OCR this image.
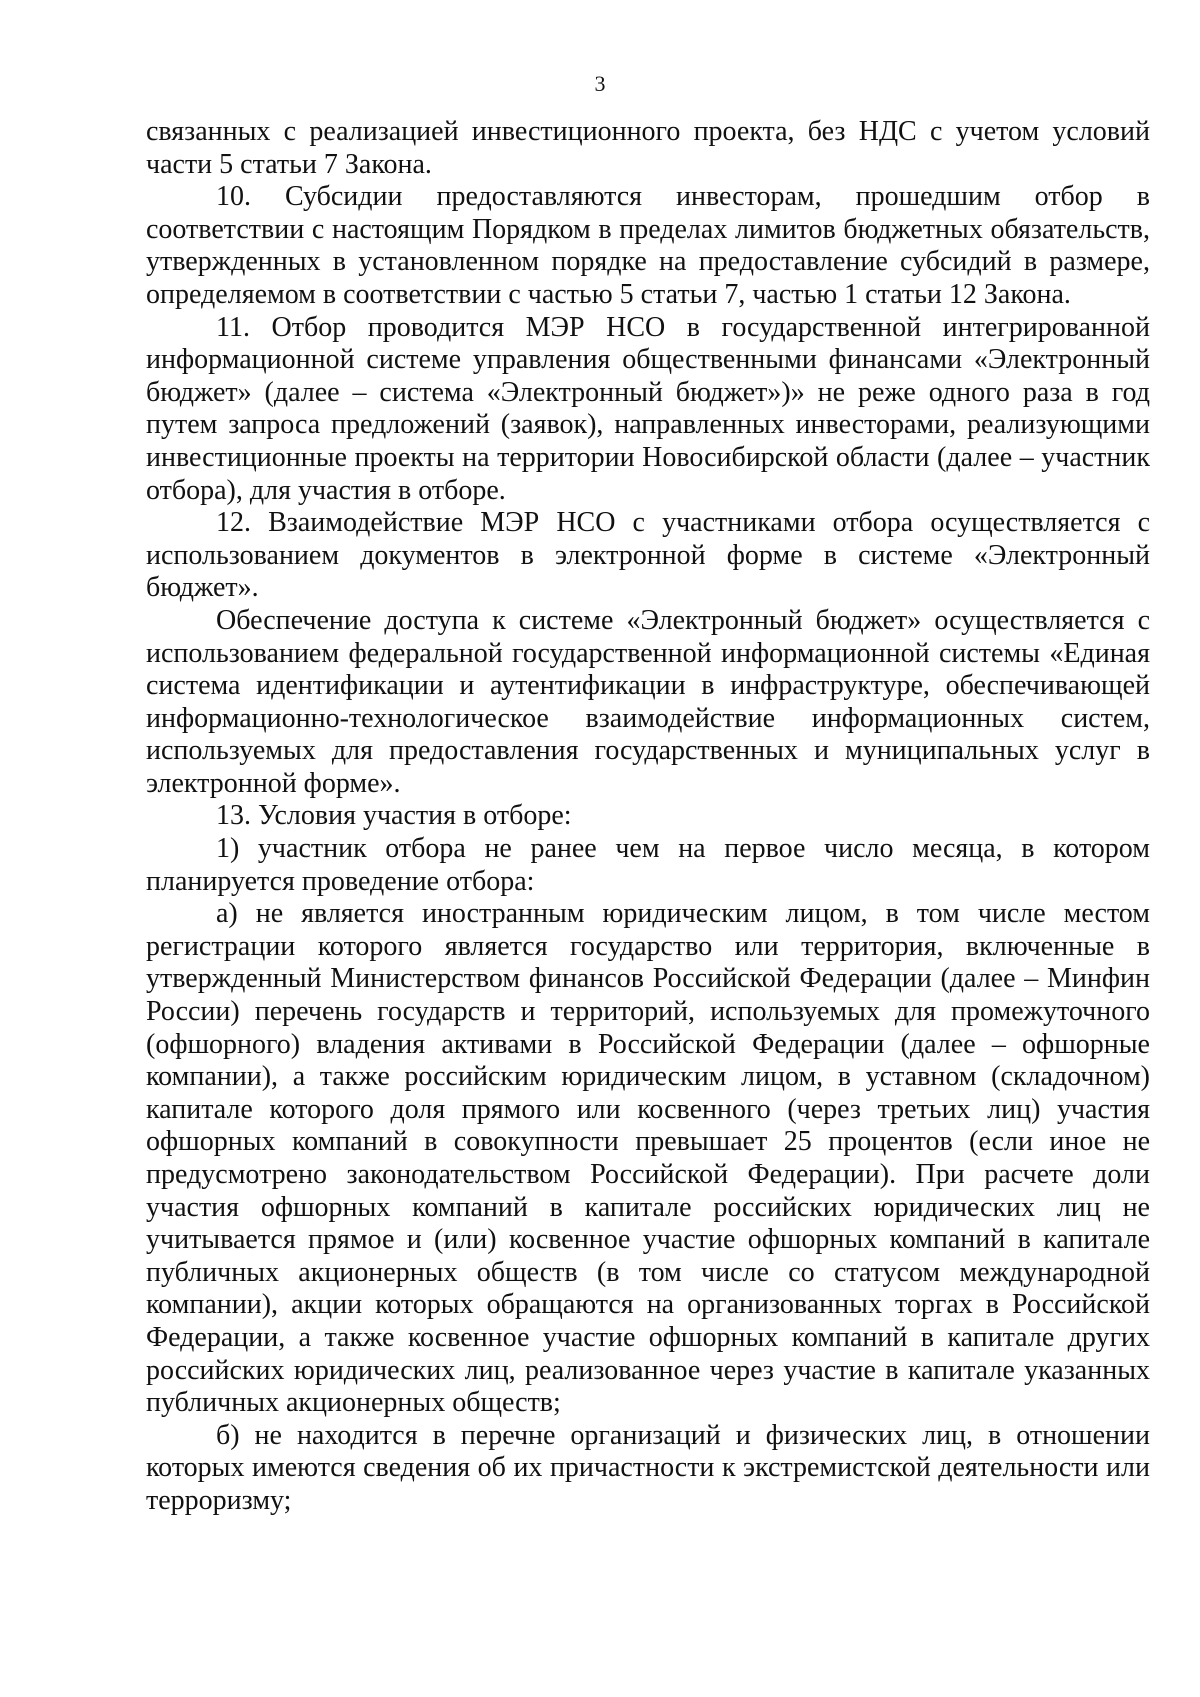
3

связанных с реализацией инвестиционного проекта, без НДС с учетом условий части 5 статьи 7 Закона.

10. Субсидии предоставляются инвесторам, прошедшим отбор в соответствии с настоящим Порядком в пределах лимитов бюджетных обязательств, утвержденных в установленном порядке на предоставление субсидий в размере, определяемом в соответствии с частью 5 статьи 7, частью 1 статьи 12 Закона.

11. Отбор проводится МЭР НСО в государственной интегрированной информационной системе управления общественными финансами «Электронный бюджет» (далее – система «Электронный бюджет»)» не реже одного раза в год путем запроса предложений (заявок), направленных инвесторами, реализующими инвестиционные проекты на территории Новосибирской области (далее – участник отбора), для участия в отборе.

12. Взаимодействие МЭР НСО с участниками отбора осуществляется с использованием документов в электронной форме в системе «Электронный бюджет».

Обеспечение доступа к системе «Электронный бюджет» осуществляется с использованием федеральной государственной информационной системы «Единая система идентификации и аутентификации в инфраструктуре, обеспечивающей информационно-технологическое взаимодействие информационных систем, используемых для предоставления государственных и муниципальных услуг в электронной форме».

13. Условия участия в отборе:

1) участник отбора не ранее чем на первое число месяца, в котором планируется проведение отбора:

а) не является иностранным юридическим лицом, в том числе местом регистрации которого является государство или территория, включенные в утвержденный Министерством финансов Российской Федерации (далее – Минфин России) перечень государств и территорий, используемых для промежуточного (офшорного) владения активами в Российской Федерации (далее – офшорные компании), а также российским юридическим лицом, в уставном (складочном) капитале которого доля прямого или косвенного (через третьих лиц) участия офшорных компаний в совокупности превышает 25 процентов (если иное не предусмотрено законодательством Российской Федерации). При расчете доли участия офшорных компаний в капитале российских юридических лиц не учитывается прямое и (или) косвенное участие офшорных компаний в капитале публичных акционерных обществ (в том числе со статусом международной компании), акции которых обращаются на организованных торгах в Российской Федерации, а также косвенное участие офшорных компаний в капитале других российских юридических лиц, реализованное через участие в капитале указанных публичных акционерных обществ;

б) не находится в перечне организаций и физических лиц, в отношении которых имеются сведения об их причастности к экстремистской деятельности или терроризму;
